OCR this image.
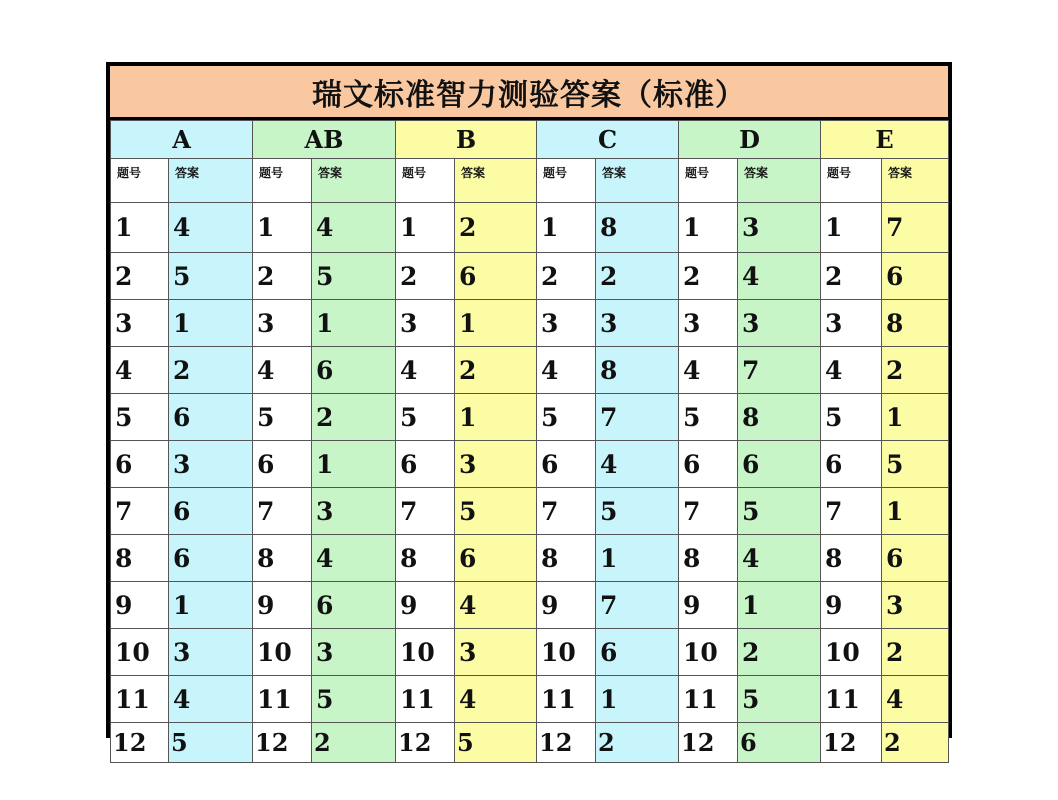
瑞文标准智力测验答案（标准）
A		AB		B		C		D		E	
题号	答案	题号	答案	题号	答案	题号	答案	题号	答案	题号	答案
1	4	1	4	1	2	1	8	1	3	1	7
2	5	2	5	2	6	2	2	2	4	2	6
3	1	3	1	3	1	3	3	3	3	3	8
4	2	4	6	4	2	4	8	4	7	4	2
5	6	5	2	5	1	5	7	5	8	5	1
6	3	6	1	6	3	6	4	6	6	6	5
7	6	7	3	7	5	7	5	7	5	7	1
8	6	8	4	8	6	8	1	8	4	8	6
9	1	9	6	9	4	9	7	9	1	9	3
10	3	10	3	10	3	10	6	10	2	10	2
11	4	11	5	11	4	11	1	11	5	11	4
12	5	12	2	12	5	12	2	12	6	12	2
